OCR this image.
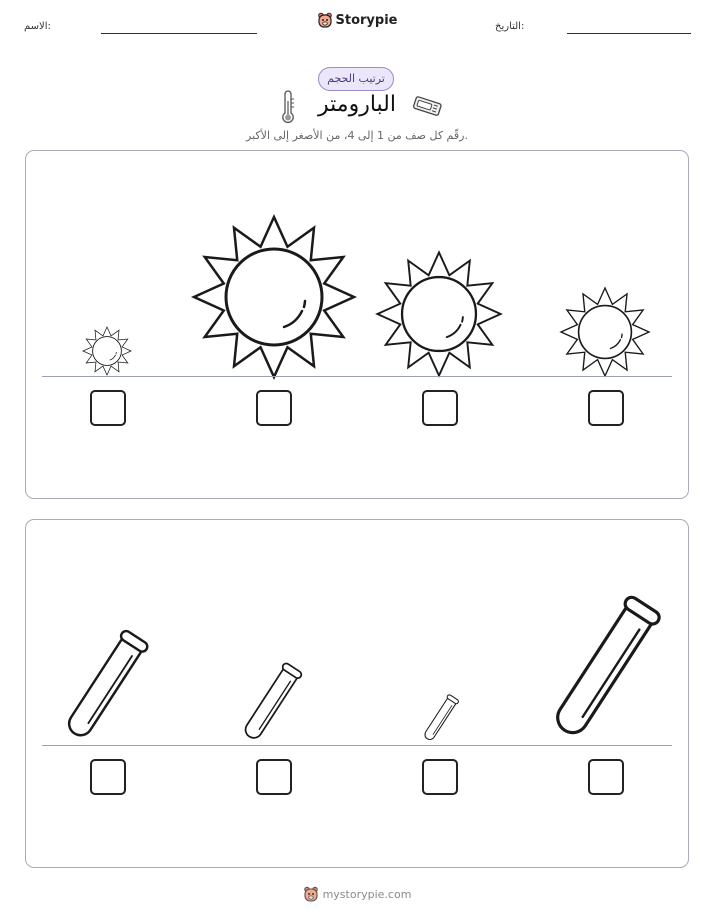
الاسم:	Storypie	التاريخ:
ترتيب الحجم
البارومتر
رقّم كل صف من 1 إلى 4، من الأصغر إلى الأكبر.
mystorypie.com
